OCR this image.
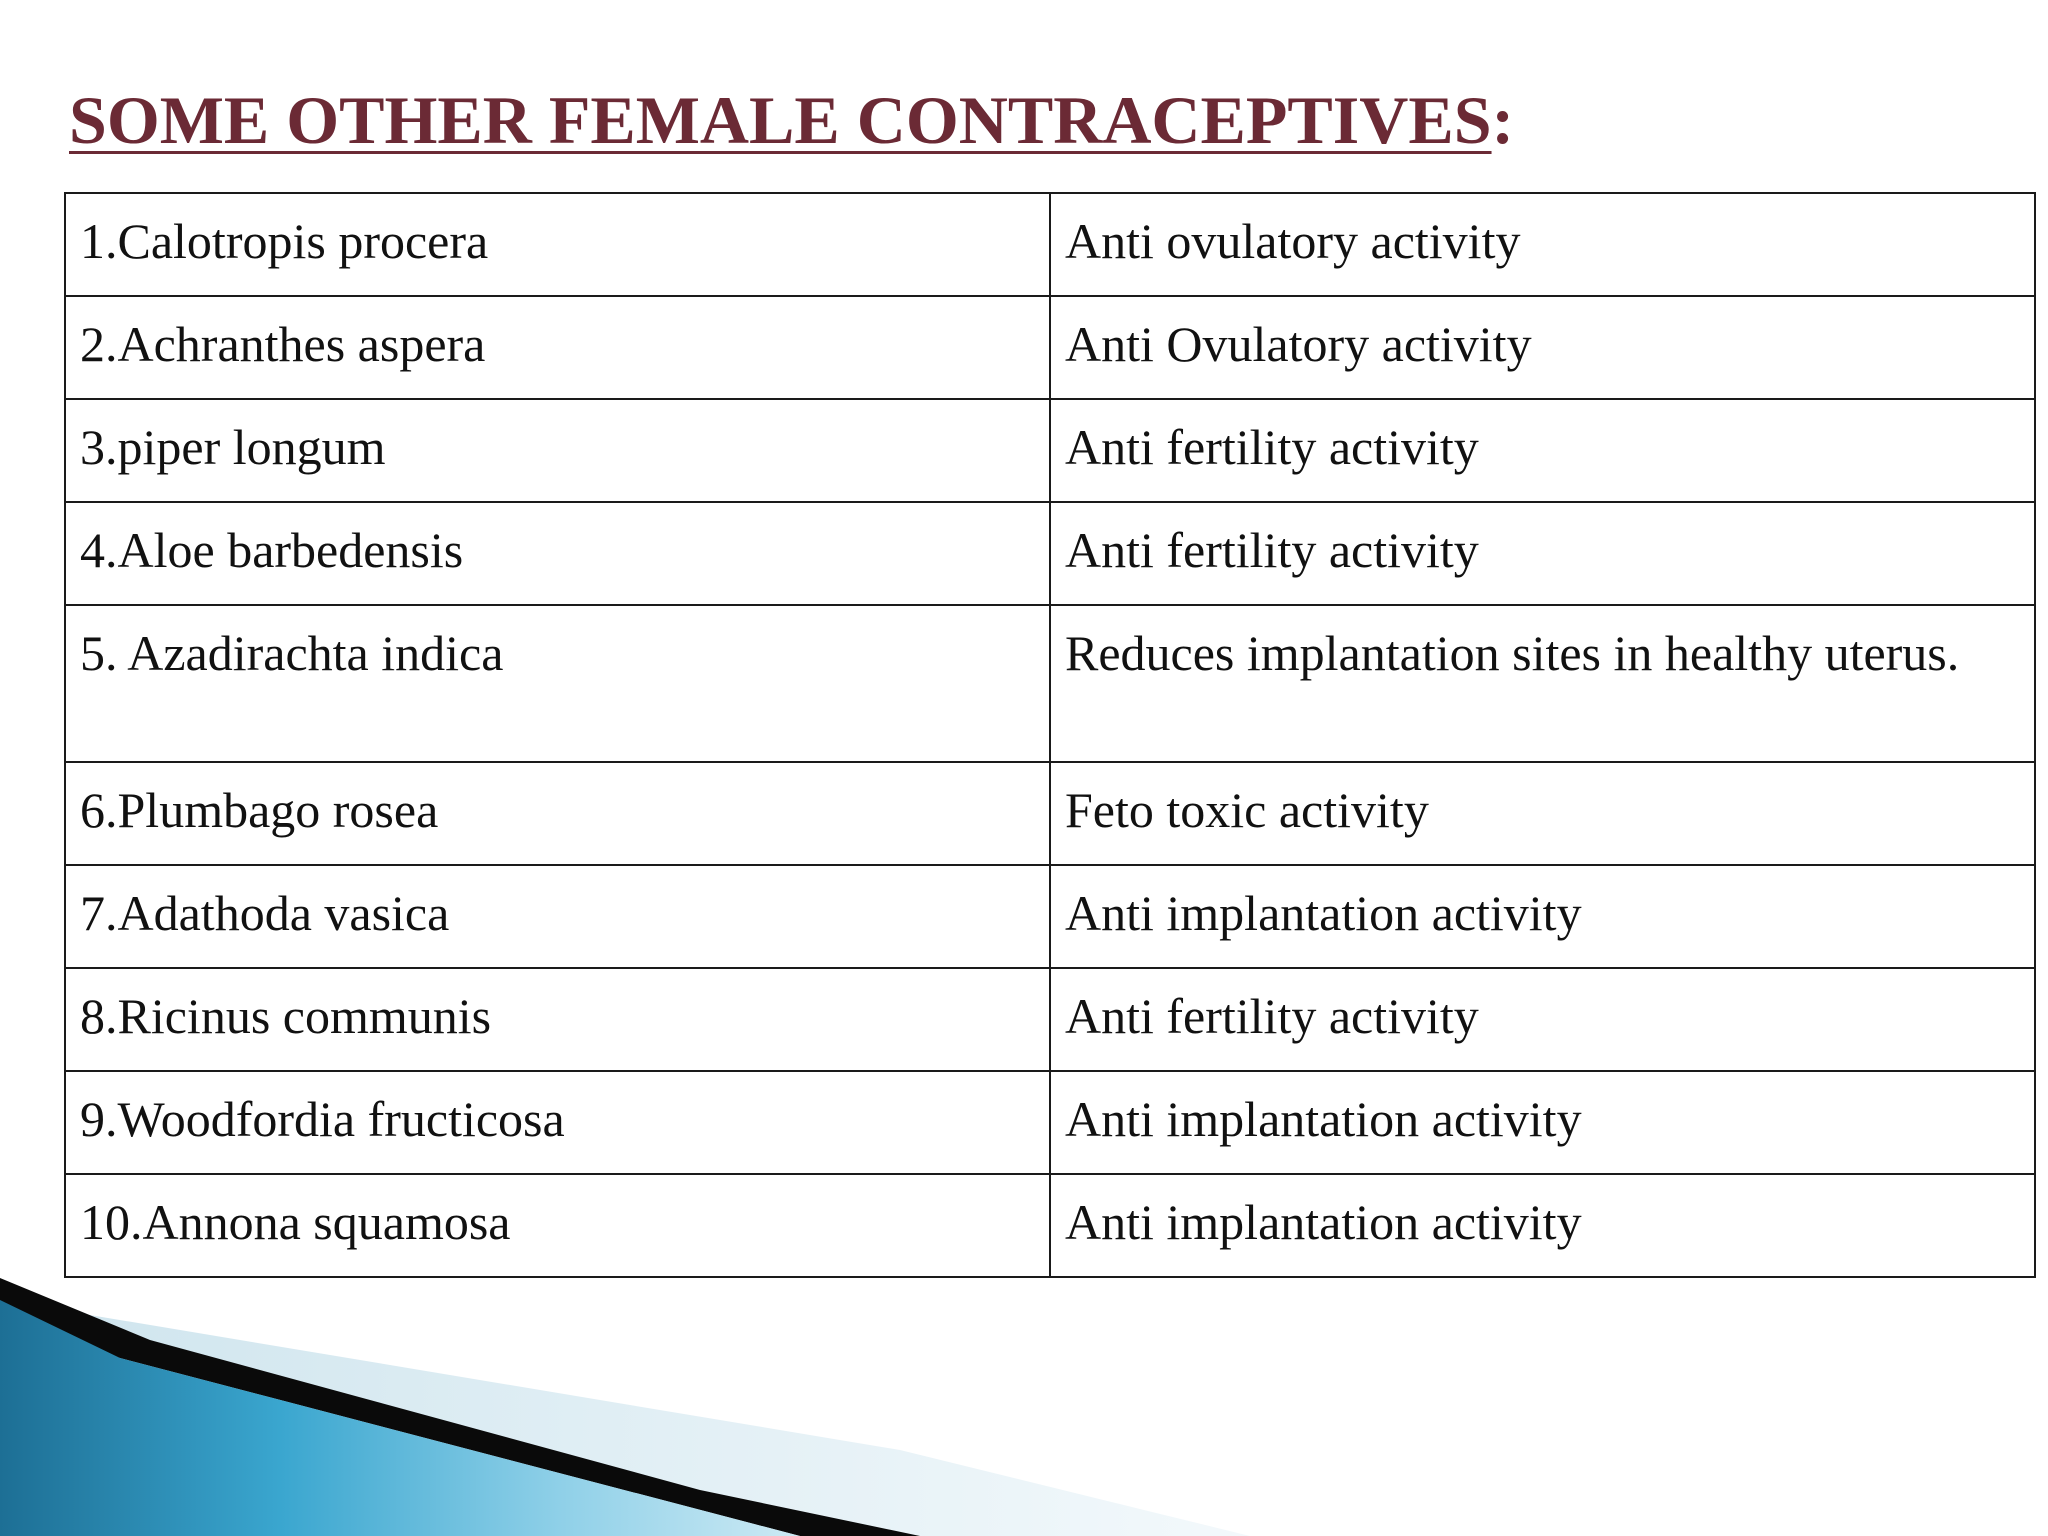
SOME OTHER FEMALE CONTRACEPTIVES:
1.Calotropis procera	Anti ovulatory activity
2.Achranthes aspera	Anti Ovulatory activity
3.piper longum	Anti fertility activity
4.Aloe barbedensis	Anti fertility activity
5. Azadirachta indica	Reduces implantation sites in healthy uterus.
6.Plumbago rosea	Feto toxic activity
7.Adathoda vasica	Anti implantation activity
8.Ricinus communis	Anti fertility activity
9.Woodfordia fructicosa	Anti implantation activity
10.Annona squamosa	Anti implantation activity
